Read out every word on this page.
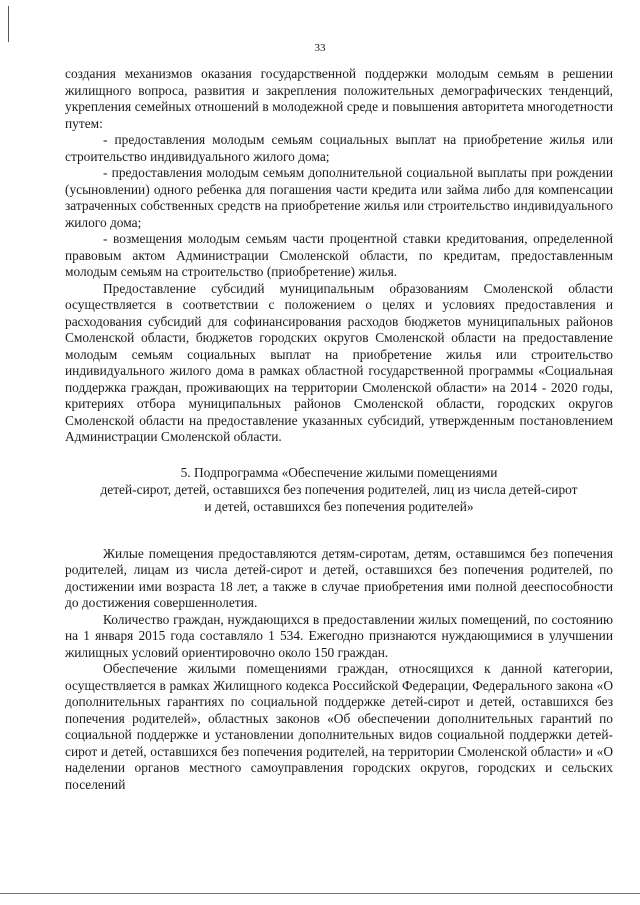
33

создания механизмов оказания государственной поддержки молодым семьям в решении жилищного вопроса, развития и закрепления положительных демографических тенденций, укрепления семейных отношений в молодежной среде и повышения авторитета многодетности путем:

- предоставления молодым семьям социальных выплат на приобретение жилья или строительство индивидуального жилого дома;

- предоставления молодым семьям дополнительной социальной выплаты при рождении (усыновлении) одного ребенка для погашения части кредита или займа либо для компенсации затраченных собственных средств на приобретение жилья или строительство индивидуального жилого дома;

- возмещения молодым семьям части процентной ставки кредитования, определенной правовым актом Администрации Смоленской области, по кредитам, предоставленным молодым семьям на строительство (приобретение) жилья.

Предоставление субсидий муниципальным образованиям Смоленской области осуществляется в соответствии с положением о целях и условиях предоставления и расходования субсидий для софинансирования расходов бюджетов муниципальных районов Смоленской области, бюджетов городских округов Смоленской области на предоставление молодым семьям социальных выплат на приобретение жилья или строительство индивидуального жилого дома в рамках областной государственной программы «Социальная поддержка граждан, проживающих на территории Смоленской области» на 2014 - 2020 годы, критериях отбора муниципальных районов Смоленской области, городских округов Смоленской области на предоставление указанных субсидий, утвержденным постановлением Администрации Смоленской области.

5. Подпрограмма «Обеспечение жилыми помещениями
детей-сирот, детей, оставшихся без попечения родителей, лиц из числа детей-сирот
и детей, оставшихся без попечения родителей»

Жилые помещения предоставляются детям-сиротам, детям, оставшимся без попечения родителей, лицам из числа детей-сирот и детей, оставшихся без попечения родителей, по достижении ими возраста 18 лет, а также в случае приобретения ими полной дееспособности до достижения совершеннолетия.

Количество граждан, нуждающихся в предоставлении жилых помещений, по состоянию на 1 января 2015 года составляло 1 534. Ежегодно признаются нуждающимися в улучшении жилищных условий ориентировочно около 150 граждан.

Обеспечение жилыми помещениями граждан, относящихся к данной категории, осуществляется в рамках Жилищного кодекса Российской Федерации, Федерального закона «О дополнительных гарантиях по социальной поддержке детей-сирот и детей, оставшихся без попечения родителей», областных законов «Об обеспечении дополнительных гарантий по социальной поддержке и установлении дополнительных видов социальной поддержки детей-сирот и детей, оставшихся без попечения родителей, на территории Смоленской области» и «О наделении органов местного самоуправления городских округов, городских и сельских поселений
